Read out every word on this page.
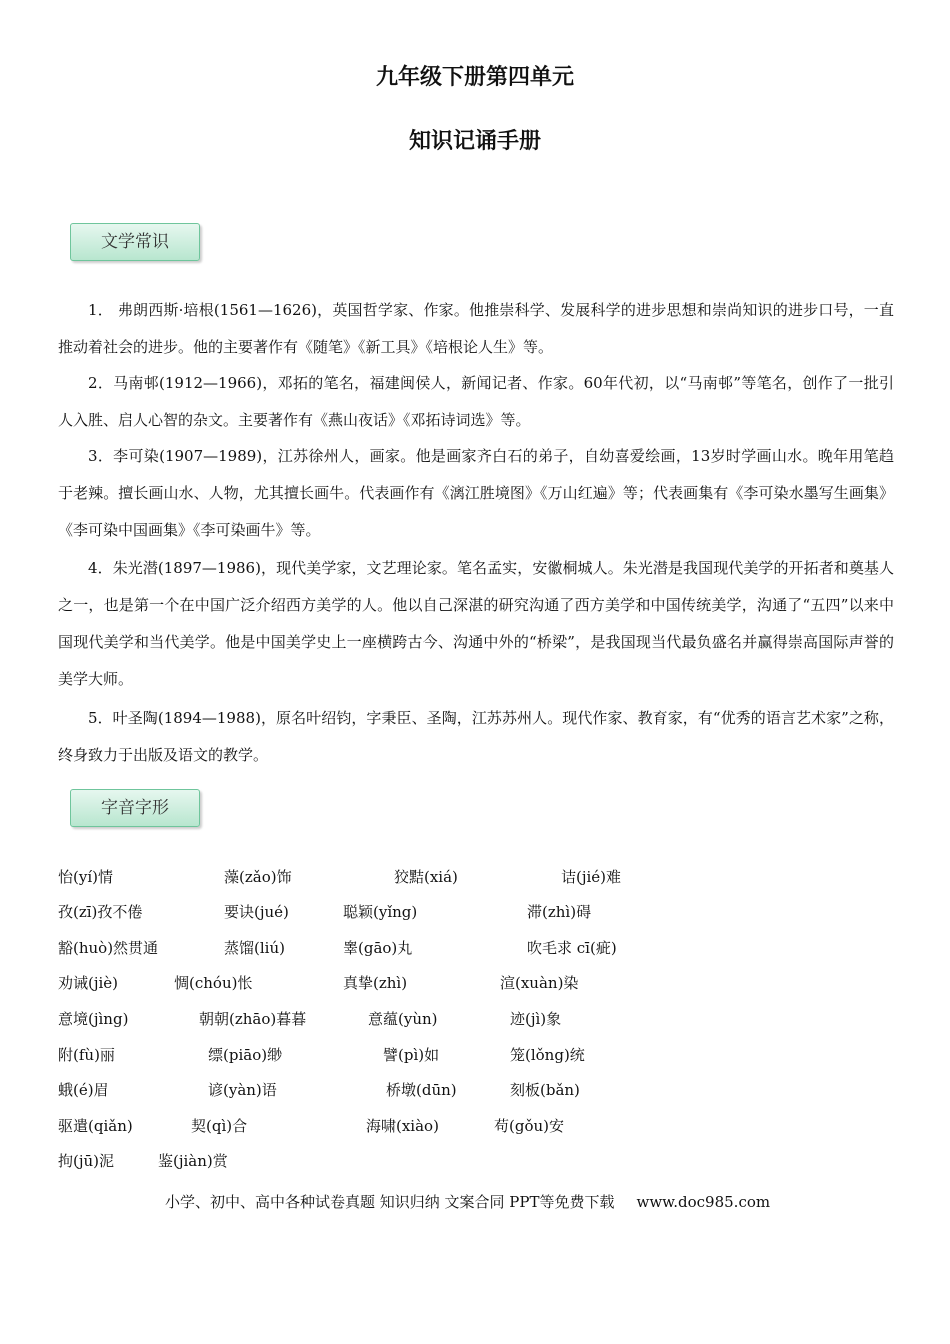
九年级下册第四单元
知识记诵手册
文学常识
1． 弗朗西斯·培根(1561—1626)，英国哲学家、作家。他推崇科学、发展科学的进步思想和崇尚知识的进步口号，一直推动着社会的进步。他的主要著作有《随笔》《新工具》《培根论人生》等。
2．马南邨(1912—1966)，邓拓的笔名，福建闽侯人，新闻记者、作家。60年代初，以“马南邨”等笔名，创作了一批引人入胜、启人心智的杂文。主要著作有《燕山夜话》《邓拓诗词选》等。
3．李可染(1907—1989)，江苏徐州人，画家。他是画家齐白石的弟子，自幼喜爱绘画，13岁时学画山水。晚年用笔趋于老辣。擅长画山水、人物，尤其擅长画牛。代表画作有《漓江胜境图》《万山红遍》等；代表画集有《李可染水墨写生画集》《李可染中国画集》《李可染画牛》等。
4．朱光潜(1897—1986)，现代美学家，文艺理论家。笔名孟实，安徽桐城人。朱光潜是我国现代美学的开拓者和奠基人之一，也是第一个在中国广泛介绍西方美学的人。他以自己深湛的研究沟通了西方美学和中国传统美学，沟通了“五四”以来中国现代美学和当代美学。他是中国美学史上一座横跨古今、沟通中外的“桥梁”，是我国现当代最负盛名并赢得崇高国际声誉的美学大师。
5．叶圣陶(1894—1988)，原名叶绍钧，字秉臣、圣陶，江苏苏州人。现代作家、教育家，有“优秀的语言艺术家”之称，终身致力于出版及语文的教学。
字音字形
怡(yí)情	藻(zǎo)饰	狡黠(xiá)	诘(jié)难
孜(zī)孜不倦	要诀(jué)	聪颖(yǐng)	滞(zhì)碍
豁(huò)然贯通	蒸馏(liú)	睾(gāo)丸	吹毛求 cī(疵)
劝诫(jiè)	惆(chóu)怅	真挚(zhì)	渲(xuàn)染
意境(jìng)	朝朝(zhāo)暮暮	意蕴(yùn)	迹(jì)象
附(fù)丽	缥(piāo)缈	譬(pì)如	笼(lǒng)统
蛾(é)眉	谚(yàn)语	桥墩(dūn)	刻板(bǎn)
驱遣(qiǎn)	契(qì)合	海啸(xiào)	苟(gǒu)安
拘(jū)泥	鉴(jiàn)赏
小学、初中、高中各种试卷真题 知识归纳 文案合同 PPT等免费下载 www.doc985.com
